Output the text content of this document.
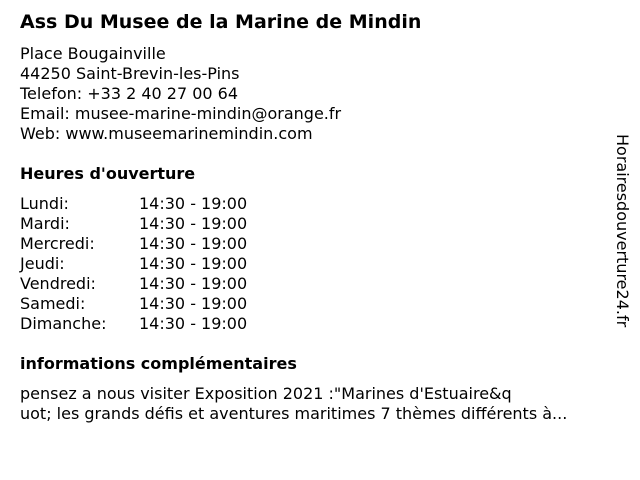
Ass Du Musee de la Marine de Mindin
Place Bougainville
44250 Saint-Brevin-les-Pins
Telefon: +33 2 40 27 00 64
Email: musee-marine-mindin@orange.fr
Web: www.museemarinemindin.com
Heures d'ouverture
Lundi:	14:30 - 19:00
Mardi:	14:30 - 19:00
Mercredi:	14:30 - 19:00
Jeudi:	14:30 - 19:00
Vendredi:	14:30 - 19:00
Samedi:	14:30 - 19:00
Dimanche:	14:30 - 19:00
informations complémentaires
pensez a nous visiter Exposition 2021 :"Marines d'Estuaire&q
uot; les grands défis et aventures maritimes 7 thèmes différents à...
Horairesdouverture24.fr
